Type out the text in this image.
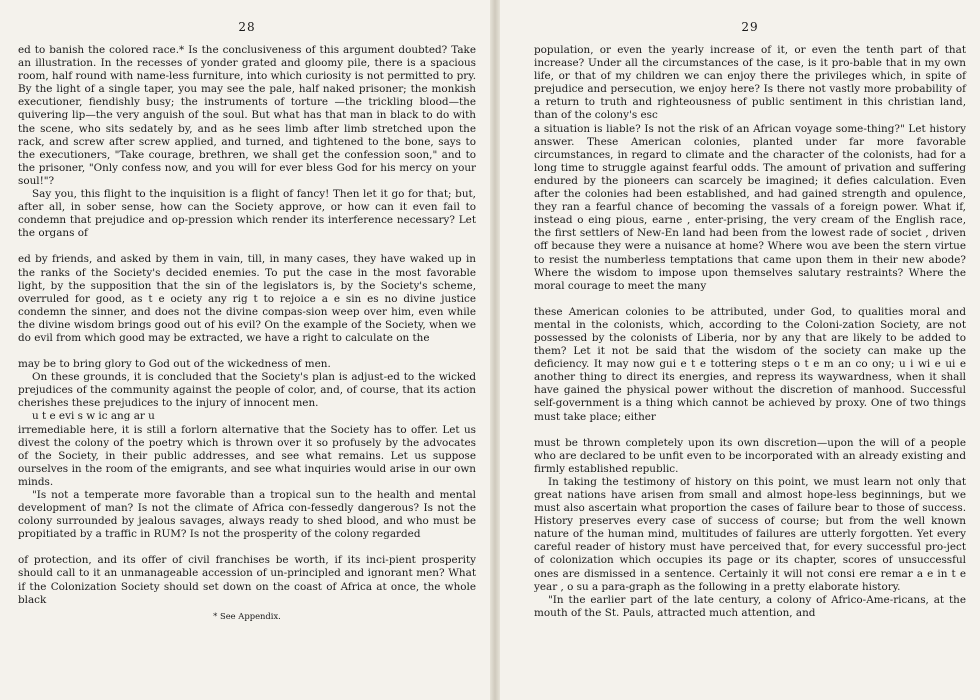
28

ed to banish the colored race.* Is the conclusiveness of this argument doubted? Take an illustration. In the recesses of yonder grated and gloomy pile, there is a spacious room, half round with name-less furniture, into which curiosity is not permitted to pry. By the light of a single taper, you may see the pale, half naked prisoner; the monkish executioner, fiendishly busy; the instruments of torture —the trickling blood—the quivering lip—the very anguish of the soul. But what has that man in black to do with the scene, who sits sedately by, and as he sees limb after limb stretched upon the rack, and screw after screw applied, and turned, and tightened to the bone, says to the executioners, "Take courage, brethren, we shall get the confession soon," and to the prisoner, "Only confess now, and you will for ever bless God for his mercy on your soul!"?

Say you, this flight to the inquisition is a flight of fancy! Then let it go for that; but, after all, in sober sense, how can the Society approve, or how can it even fail to condemn that prejudice and op-pression which render its interference necessary? Let the organs of

ed by friends, and asked by them in vain, till, in many cases, they have waked up in the ranks of the Society's decided enemies. To put the case in the most favorable light, by the supposition that the sin of the legislators is, by the Society's scheme, overruled for good, as t e ociety any rig t to rejoice a e sin es no divine justice condemn the sinner, and does not the divine compas-sion weep over him, even while the divine wisdom brings good out of his evil? On the example of the Society, when we do evil from which good may be extracted, we have a right to calculate on the

may be to bring glory to God out of the wickedness of men.

On these grounds, it is concluded that the Society's plan is adjust-ed to the wicked prejudices of the community against the people of color, and, of course, that its action cherishes these prejudices to the injury of innocent men.

u t e evi s w ic ang ar u

irremediable here, it is still a forlorn alternative that the Society has to offer. Let us divest the colony of the poetry which is thrown over it so profusely by the advocates of the Society, in their public addresses, and see what remains. Let us suppose ourselves in the room of the emigrants, and see what inquiries would arise in our own minds.

"Is not a temperate more favorable than a tropical sun to the health and mental development of man? Is not the climate of Africa con-fessedly dangerous? Is not the colony surrounded by jealous savages, always ready to shed blood, and who must be propitiated by a traffic in RUM? Is not the prosperity of the colony regarded

of protection, and its offer of civil franchises be worth, if its inci-pient prosperity should call to it an unmanageable accession of un-principled and ignorant men? What if the Colonization Society should set down on the coast of Africa at once, the whole black

* See Appendix.
29

population, or even the yearly increase of it, or even the tenth part of that increase? Under all the circumstances of the case, is it pro-bable that in my own life, or that of my children we can enjoy there the privileges which, in spite of prejudice and persecution, we enjoy here? Is there not vastly more probability of a return to truth and righteousness of public sentiment in this christian land, than of the colony's esc

a situation is liable? Is not the risk of an African voyage some-thing?" Let history answer. These American colonies, planted under far more favorable circumstances, in regard to climate and the character of the colonists, had for a long time to struggle against fearful odds. The amount of privation and suffering endured by the pioneers can scarcely be imagined; it defies calculation. Even after the colonies had been established, and had gained strength and opulence, they ran a fearful chance of becoming the vassals of a foreign power. What if, instead o eing pious, earne , enter-prising, the very cream of the English race, the first settlers of New-En land had been from the lowest rade of societ , driven off because they were a nuisance at home? Where wou ave been the stern virtue to resist the numberless temptations that came upon them in their new abode? Where the wisdom to impose upon themselves salutary restraints? Where the moral courage to meet the many

these American colonies to be attributed, under God, to qualities moral and mental in the colonists, which, according to the Coloni-zation Society, are not possessed by the colonists of Liberia, nor by any that are likely to be added to them? Let it not be said that the wisdom of the society can make up the deficiency. It may now gui e t e tottering steps o t e m an co ony; u i wi e ui e another thing to direct its energies, and repress its waywardness, when it shall have gained the physical power without the discretion of manhood. Successful self-government is a thing which cannot be achieved by proxy. One of two things must take place; either

must be thrown completely upon its own discretion—upon the will of a people who are declared to be unfit even to be incorporated with an already existing and firmly established republic.

In taking the testimony of history on this point, we must learn not only that great nations have arisen from small and almost hope-less beginnings, but we must also ascertain what proportion the cases of failure bear to those of success. History preserves every case of success of course; but from the well known nature of the human mind, multitudes of failures are utterly forgotten. Yet every careful reader of history must have perceived that, for every successful pro-ject of colonization which occupies its page or its chapter, scores of unsuccessful ones are dismissed in a sentence. Certainly it will not consi ere remar a e in t e year , o su a para-graph as the following in a pretty elaborate history.

"In the earlier part of the late century, a colony of Africo-Ame-ricans, at the mouth of the St. Pauls, attracted much attention, and
